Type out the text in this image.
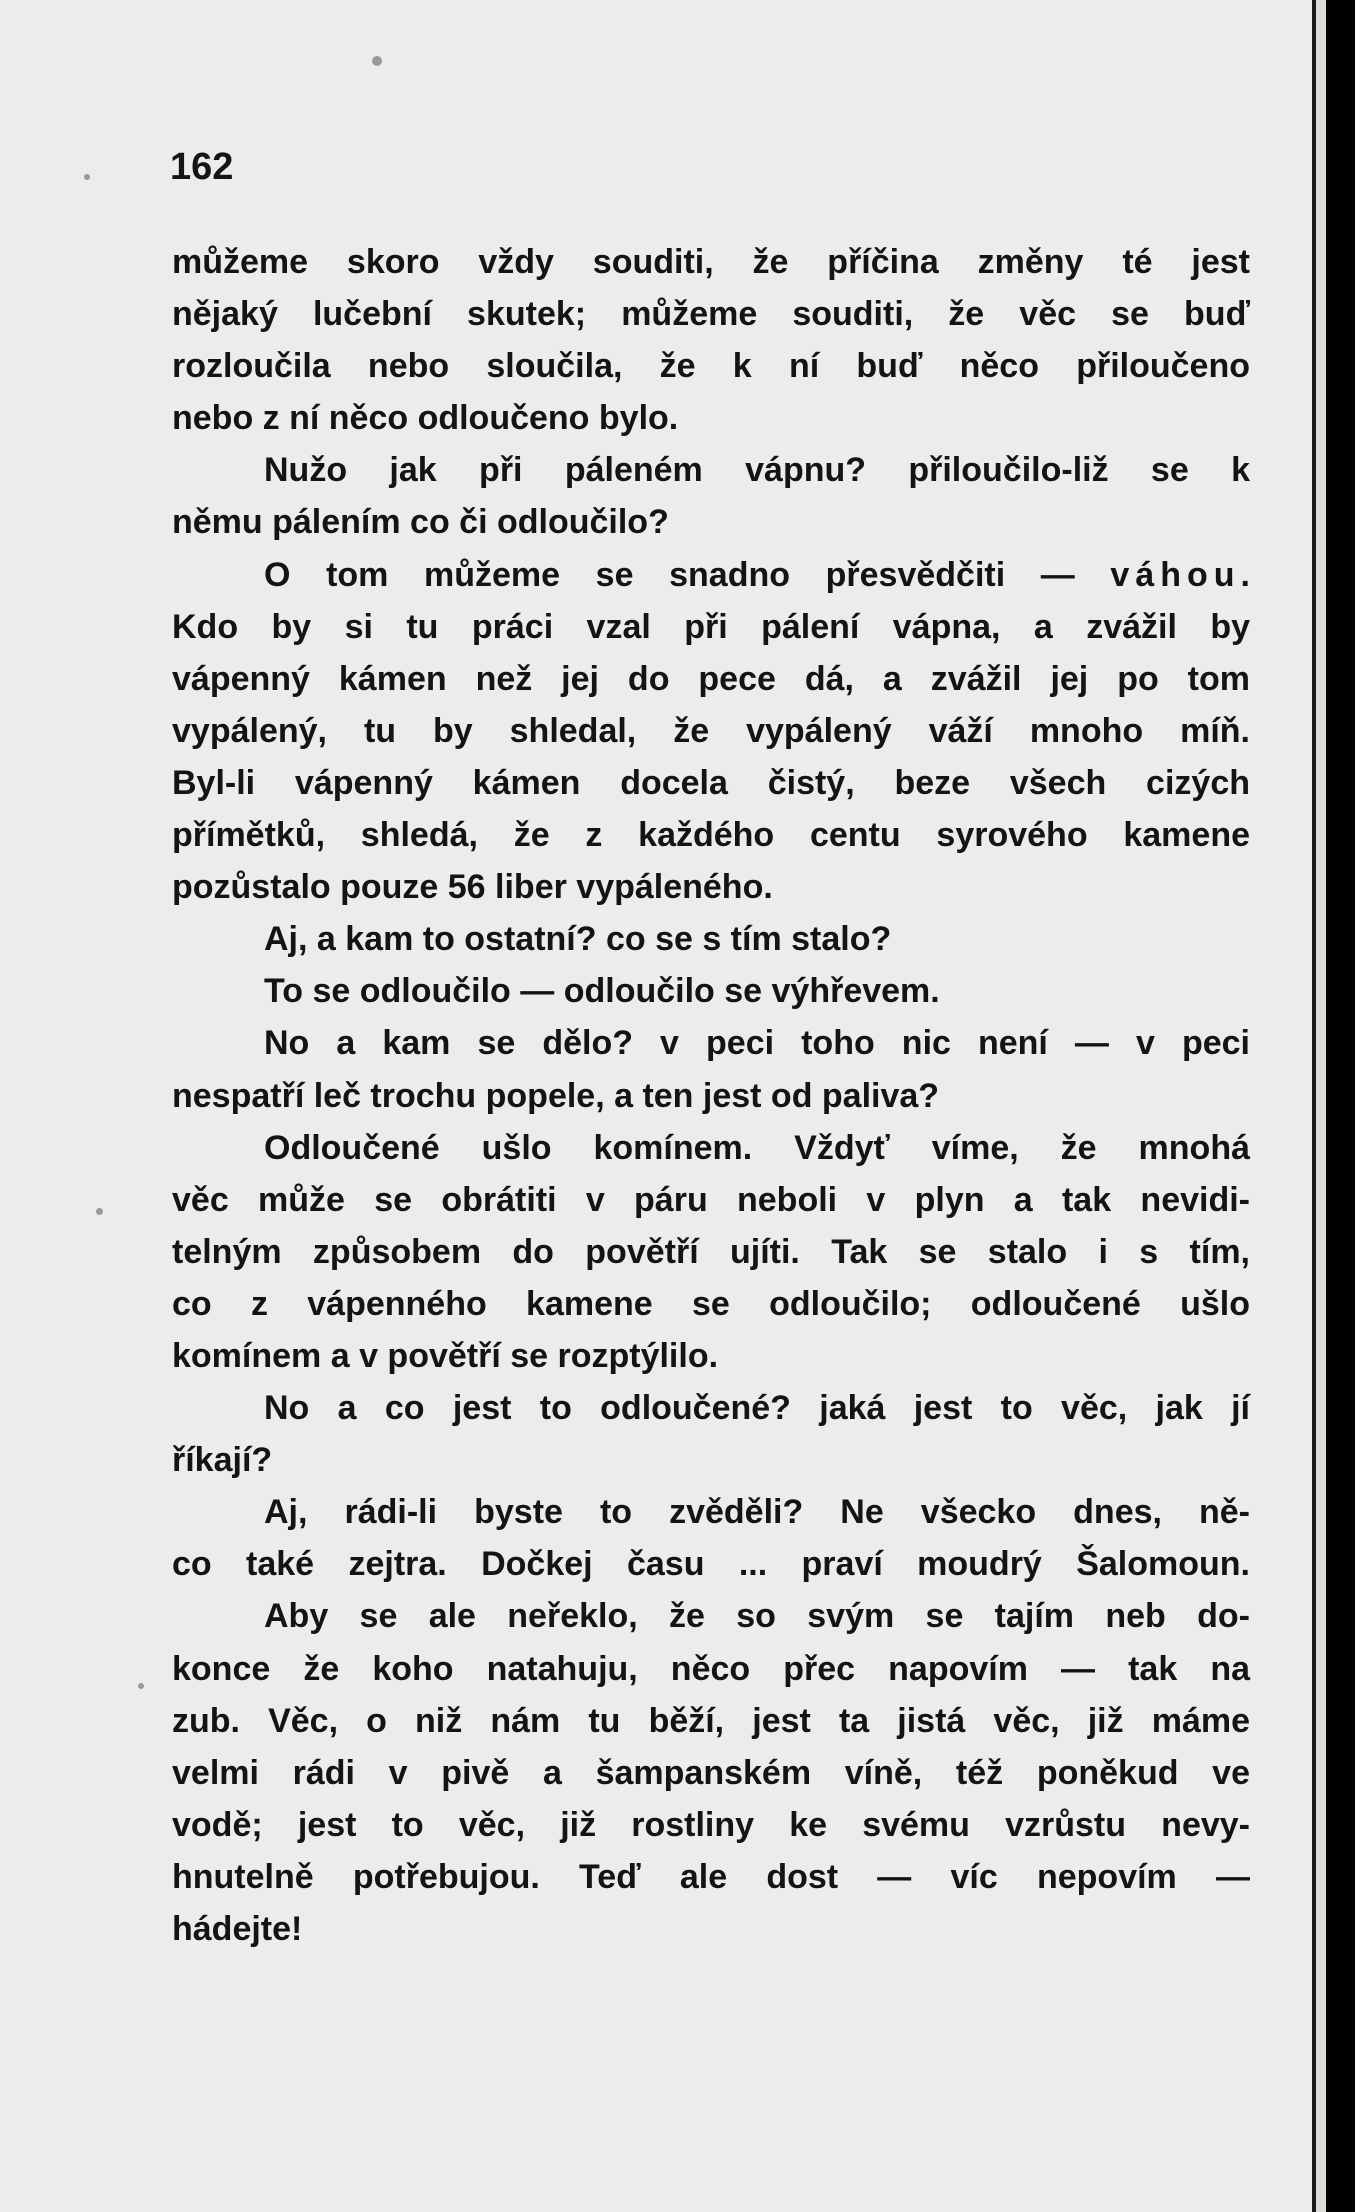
162
můžeme skoro vždy souditi, že příčina změny té jest
nějaký lučební skutek; můžeme souditi, že věc se buď
rozloučila nebo sloučila, že k ní buď něco přiloučeno
nebo z ní něco odloučeno bylo.
Nužo jak při páleném vápnu? přiloučilo-liž se k
němu pálením co či odloučilo?
O tom můžeme se snadno přesvědčiti — váhou.
Kdo by si tu práci vzal při pálení vápna, a zvážil by
vápenný kámen než jej do pece dá, a zvážil jej po tom
vypálený, tu by shledal, že vypálený váží mnoho míň.
Byl-li vápenný kámen docela čistý, beze všech cizých
přímětků, shledá, že z každého centu syrového kamene
pozůstalo pouze 56 liber vypáleného.
Aj, a kam to ostatní? co se s tím stalo?
To se odloučilo — odloučilo se výhřevem.
No a kam se dělo? v peci toho nic není — v peci
nespatří leč trochu popele, a ten jest od paliva?
Odloučené ušlo komínem. Vždyť víme, že mnohá
věc může se obrátiti v páru neboli v plyn a tak nevidi-
telným způsobem do povětří ujíti. Tak se stalo i s tím,
co z vápenného kamene se odloučilo; odloučené ušlo
komínem a v povětří se rozptýlilo.
No a co jest to odloučené? jaká jest to věc, jak jí
říkají?
Aj, rádi-li byste to zvěděli? Ne všecko dnes, ně-
co také zejtra. Dočkej času ... praví moudrý Šalomoun.
Aby se ale neřeklo, že so svým se tajím neb do-
konce že koho natahuju, něco přec napovím — tak na
zub. Věc, o niž nám tu běží, jest ta jistá věc, již máme
velmi rádi v pivě a šampanském víně, též poněkud ve
vodě; jest to věc, již rostliny ke svému vzrůstu nevy-
hnutelně potřebujou. Teď ale dost — víc nepovím —
hádejte!
